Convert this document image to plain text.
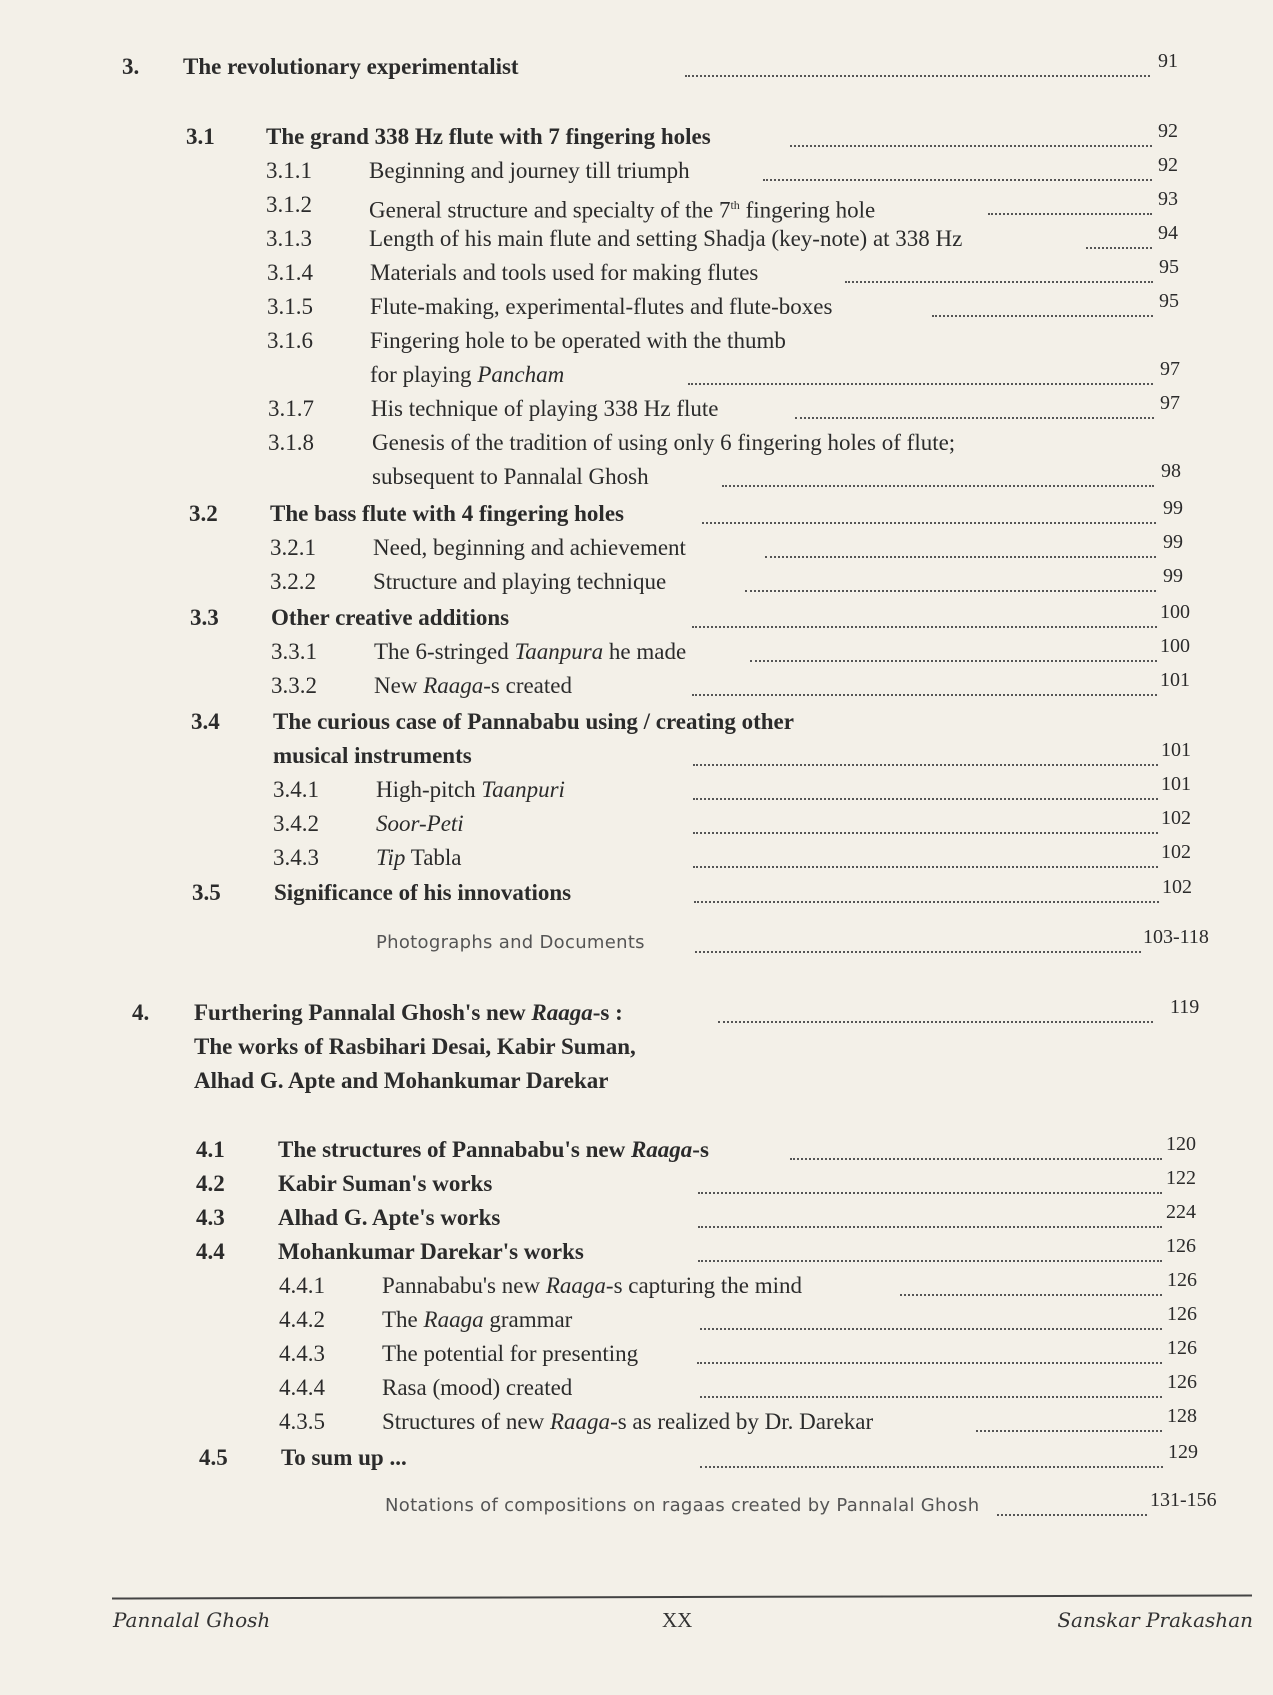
3. The revolutionary experimentalist	91
3.1 The grand 338 Hz flute with 7 fingering holes	92
3.1.1 Beginning and journey till triumph	92
3.1.2 General structure and specialty of the 7th fingering hole	93
3.1.3 Length of his main flute and setting Shadja (key-note) at 338 Hz	94
3.1.4 Materials and tools used for making flutes	95
3.1.5 Flute-making, experimental-flutes and flute-boxes	95
3.1.6 Fingering hole to be operated with the thumb
for playing Pancham	97
3.1.7 His technique of playing 338 Hz flute	97
3.1.8	Genesis of the tradition of using only 6 fingering holes of flute;
subsequent to Pannalal Ghosh	98
3.2 The bass flute with 4 fingering holes	99
3.2.1 Need, beginning and achievement	99
3.2.2 Structure and playing technique	99
3.3 Other creative additions	100
3.3.1 The 6-stringed Taanpura he made	100
3.3.2 New Raaga-s created	101
3.4 The curious case of Pannababu using / creating other
musical instruments	101
3.4.1 High-pitch Taanpuri	101
3.4.2 Soor-Peti	102
3.4.3 Tip Tabla	102
3.5 Significance of his innovations	102
Photographs and Documents	103-118
4. Furthering Pannalal Ghosh's new Raaga-s :
The works of Rasbihari Desai, Kabir Suman,
Alhad G. Apte and Mohankumar Darekar
119
4.1 The structures of Pannababu's new Raaga-s	120
4.2 Kabir Suman's works	122
4.3 Alhad G. Apte's works	224
4.4 Mohankumar Darekar's works	126
4.4.1 Pannababu's new Raaga-s capturing the mind	126
4.4.2 The Raaga grammar	126
4.4.3 The potential for presenting	126
4.4.4 Rasa (mood) created	126
4.3.5 Structures of new Raaga-s as realized by Dr. Darekar	128
4.5 To sum up ...	129
Notations of compositions on ragaas created by Pannalal Ghosh	131-156
Pannalal Ghosh	XX	Sanskar Prakashan
